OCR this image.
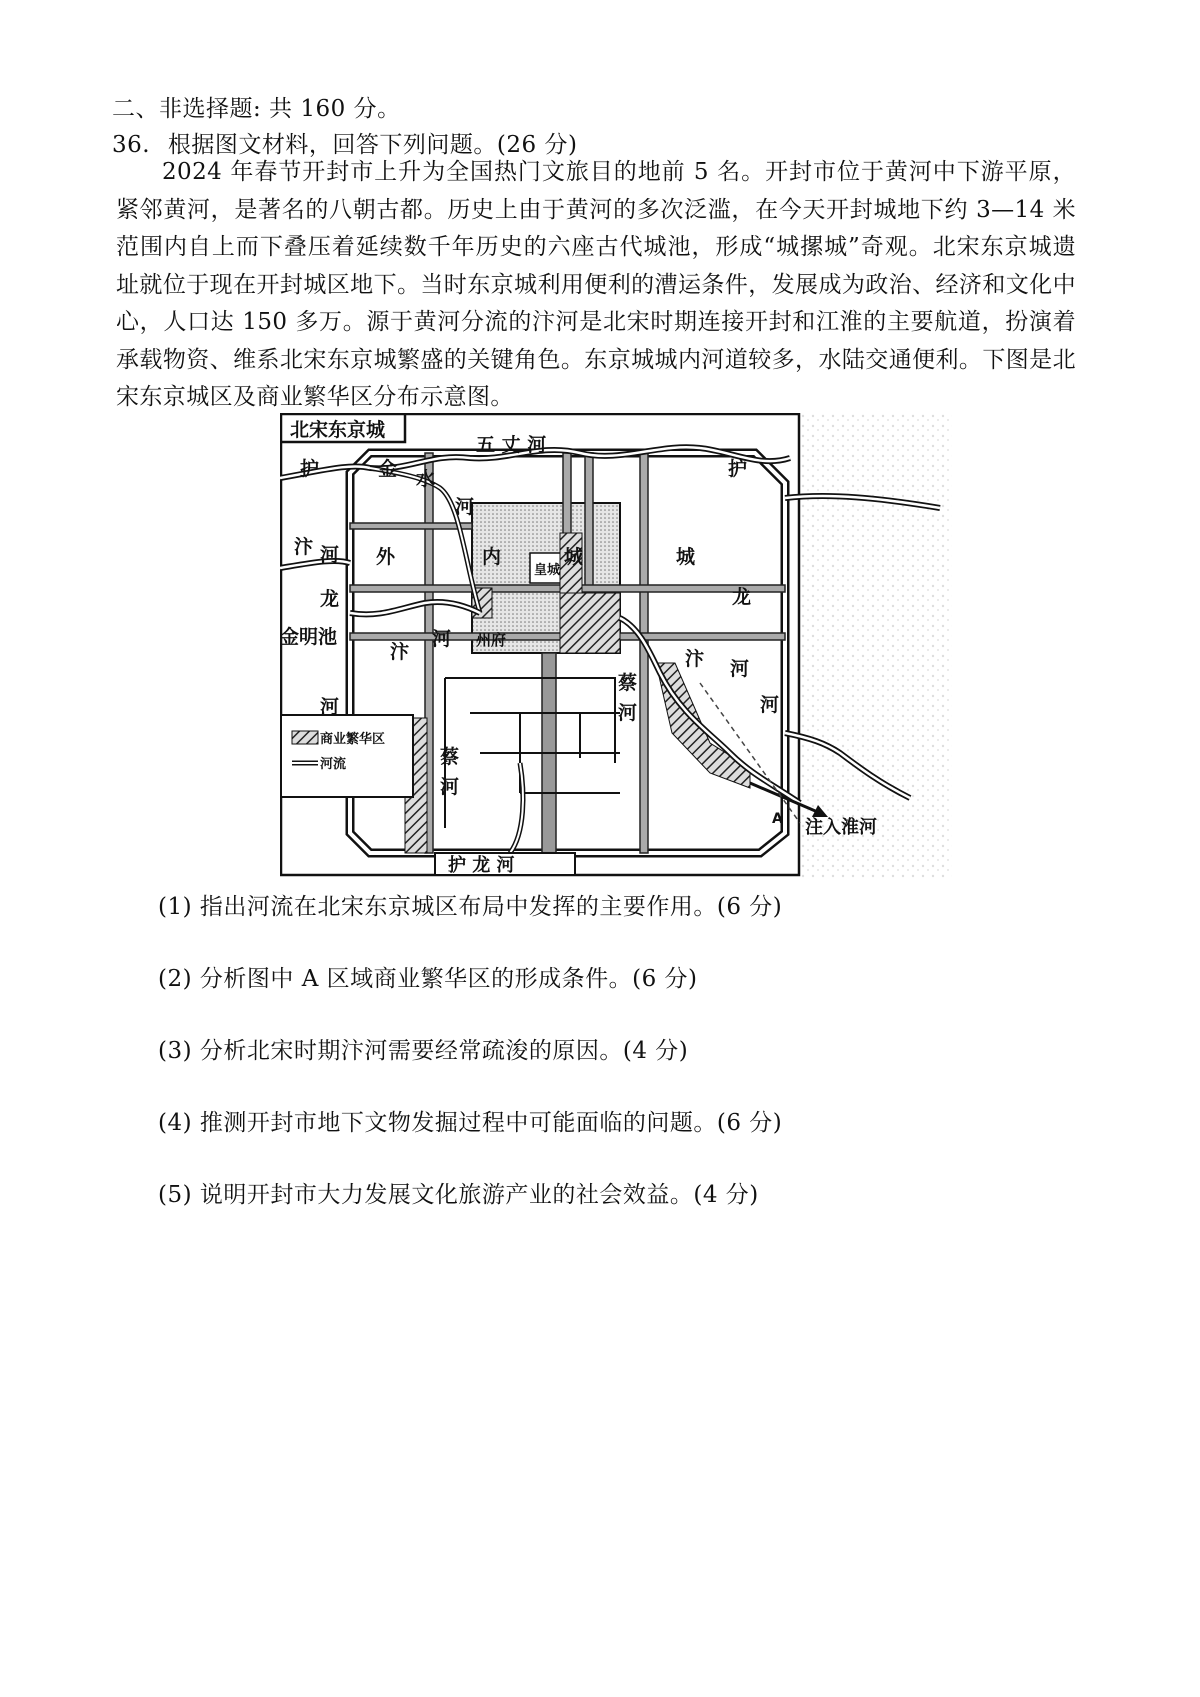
二、非选择题: 共 160 分。
36. 根据图文材料，回答下列问题。(26 分)
2024 年春节开封市上升为全国热门文旅目的地前 5 名。开封市位于黄河中下游平原，紧邻黄河，是著名的八朝古都。历史上由于黄河的多次泛滥，在今天开封城地下约 3—14 米范围内自上而下叠压着延续数千年历史的六座古代城池，形成“城摞城”奇观。北宋东京城遗址就位于现在开封城区地下。当时东京城利用便利的漕运条件，发展成为政治、经济和文化中心，人口达 150 多万。源于黄河分流的汴河是北宋时期连接开封和江淮的主要航道，扮演着承载物资、维系北宋东京城繁盛的关键角色。东京城城内河道较多，水陆交通便利。下图是北宋东京城区及商业繁华区分布示意图。
北宋东京城
皇城
商业繁华区
河流
护 龙 河
护	护
金 水
河
五 丈 河
汴 河 外	内	城	城
龙	龙
金明池
汴
河
河
蔡
河
蔡
河
汴 河
河
A 注入淮河
州府
(1) 指出河流在北宋东京城区布局中发挥的主要作用。(6 分)
(2) 分析图中 A 区域商业繁华区的形成条件。(6 分)
(3) 分析北宋时期汴河需要经常疏浚的原因。(4 分)
(4) 推测开封市地下文物发掘过程中可能面临的问题。(6 分)
(5) 说明开封市大力发展文化旅游产业的社会效益。(4 分)
